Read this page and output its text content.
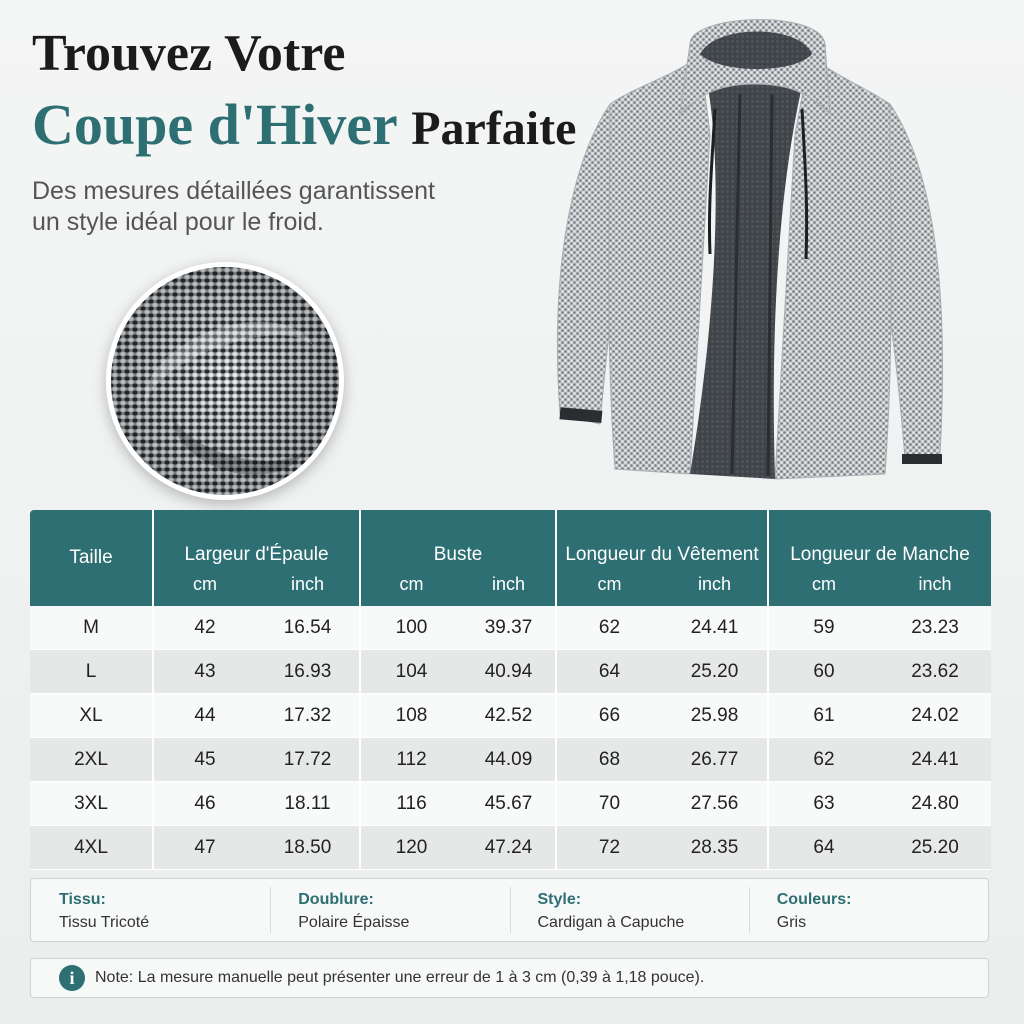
Trouvez Votre
Coupe d'Hiver Parfaite

Des mesures détaillées garantissent
un style idéal pour le froid.

Taille	Largeur d'Épaule		Buste		Longueur du Vêtement		Longueur de Manche	
	cm	inch	cm	inch	cm	inch	cm	inch
M	42	16.54	100	39.37	62	24.41	59	23.23
L	43	16.93	104	40.94	64	25.20	60	23.62
XL	44	17.32	108	42.52	66	25.98	61	24.02
2XL	45	17.72	112	44.09	68	26.77	62	24.41
3XL	46	18.11	116	45.67	70	27.56	63	24.80
4XL	47	18.50	120	47.24	72	28.35	64	25.20
Tissu:
Tissu Tricoté
Doublure:
Polaire Épaisse
Style:
Cardigan à Capuche
Couleurs:
Gris
i	Note: La mesure manuelle peut présenter une erreur de 1 à 3 cm (0,39 à 1,18 pouce).
